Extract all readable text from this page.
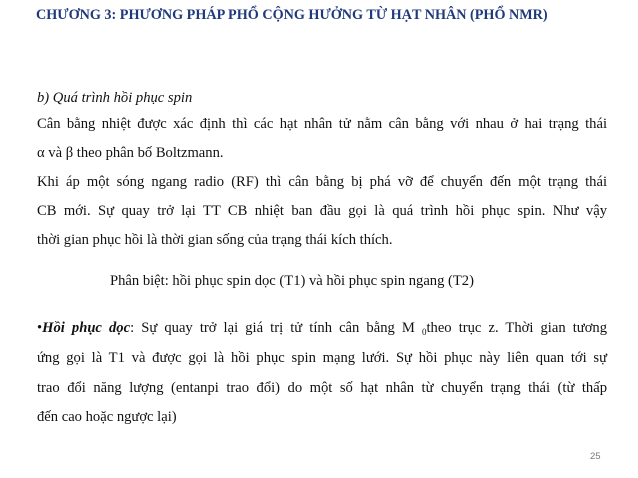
CHƯƠNG 3: PHƯƠNG PHÁP PHỔ CỘNG HƯỞNG TỪ HẠT NHÂN (PHỔ NMR)
b) Quá trình hồi phục spin
Cân bằng nhiệt được xác định thì các hạt nhân tử nằm cân bằng với nhau ở hai trạng thái
α và β theo phân bố Boltzmann.
Khi áp một sóng ngang radio (RF) thì cân bằng bị phá vỡ để chuyển đến một trạng thái
CB mới. Sự quay trở lại TT CB nhiệt ban đầu gọi là quá trình hồi phục spin. Như vậy
thời gian phục hồi là thời gian sống của trạng thái kích thích.
Phân biệt: hồi phục spin dọc (T1) và hồi phục spin ngang (T2)
•Hồi phục dọc: Sự quay trở lại giá trị tử tính cân bằng M $_0$theo trục z. Thời gian tương
ứng gọi là T1 và được gọi là hồi phục spin mạng lưới. Sự hồi phục này liên quan tới sự
trao đổi năng lượng (entanpi trao đổi) do một số hạt nhân từ chuyển trạng thái (từ thấp
đến cao hoặc ngược lại)
25
